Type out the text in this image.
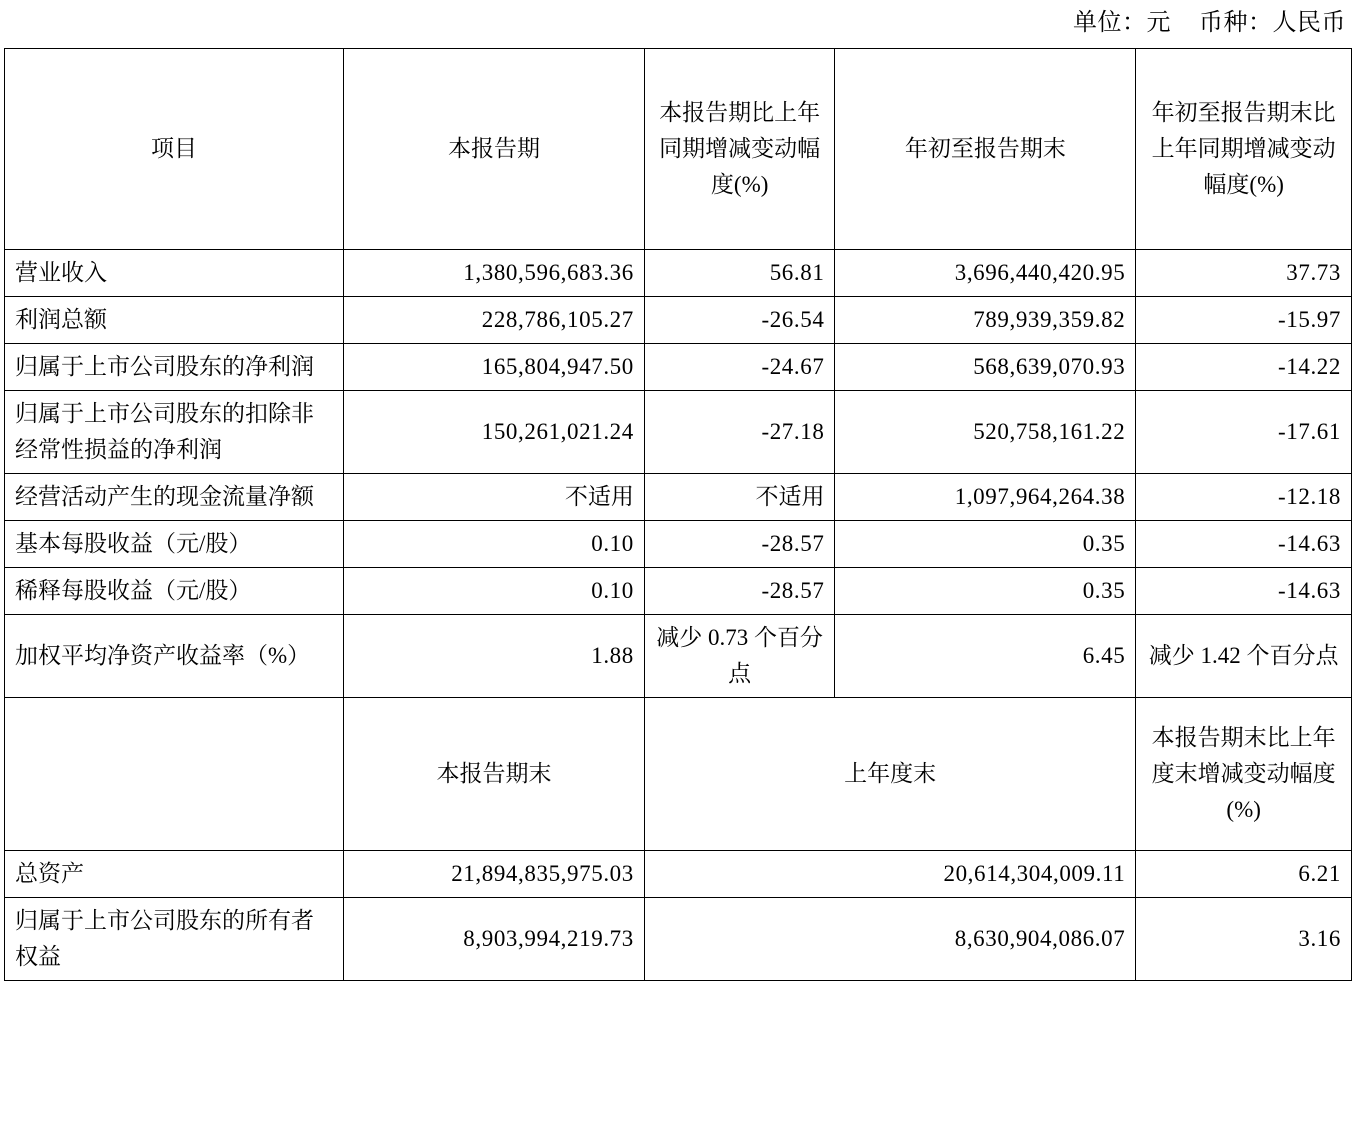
单位：元 币种：人民币
项目	本报告期	本报告期比上年同期增减变动幅度(%)	年初至报告期末	年初至报告期末比上年同期增减变动幅度(%)
营业收入	1,380,596,683.36	56.81	3,696,440,420.95	37.73
利润总额	228,786,105.27	-26.54	789,939,359.82	-15.97
归属于上市公司股东的净利润	165,804,947.50	-24.67	568,639,070.93	-14.22
归属于上市公司股东的扣除非经常性损益的净利润	150,261,021.24	-27.18	520,758,161.22	-17.61
经营活动产生的现金流量净额	不适用	不适用	1,097,964,264.38	-12.18
基本每股收益（元/股）	0.10	-28.57	0.35	-14.63
稀释每股收益（元/股）	0.10	-28.57	0.35	-14.63
加权平均净资产收益率（%）	1.88	减少 0.73 个百分点	6.45	减少 1.42 个百分点
	本报告期末	上年度末		本报告期末比上年度末增减变动幅度(%)
总资产	21,894,835,975.03	20,614,304,009.11		6.21
归属于上市公司股东的所有者权益	8,903,994,219.73	8,630,904,086.07		3.16
